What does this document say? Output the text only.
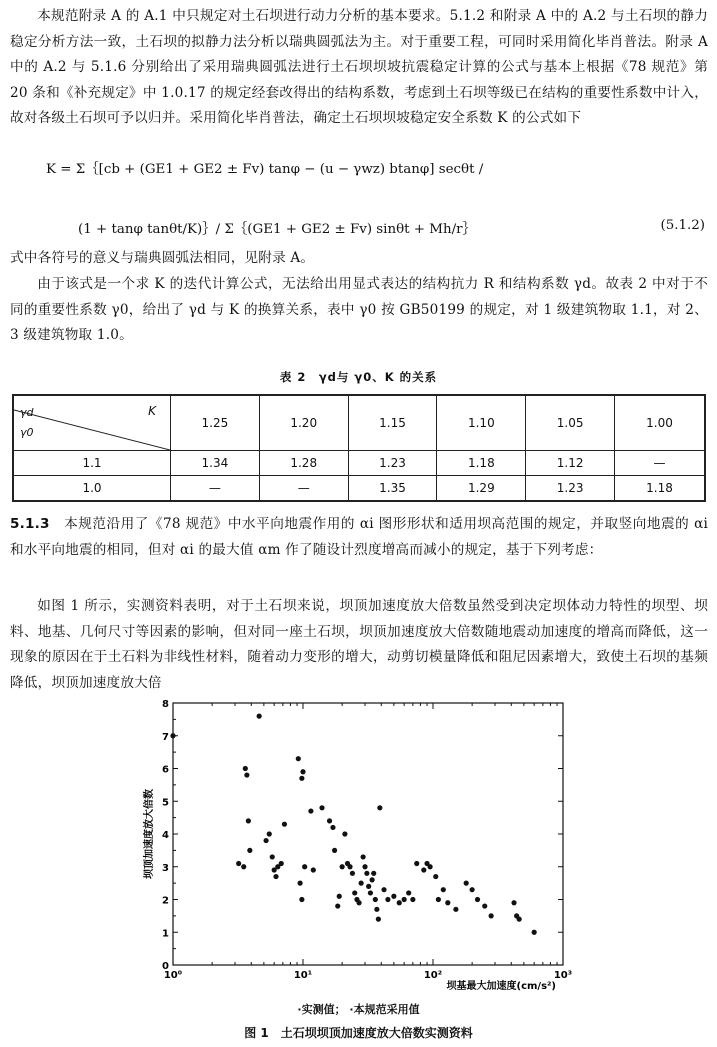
本规范附录 A 的 A.1 中只规定对土石坝进行动力分析的基本要求。5.1.2 和附录 A 中的 A.2 与土石坝的静力稳定分析方法一致，土石坝的拟静力法分析以瑞典圆弧法为主。对于重要工程，可同时采用简化毕肖普法。附录 A 中的 A.2 与 5.1.6 分别给出了采用瑞典圆弧法进行土石坝坝坡抗震稳定计算的公式与基本上根据《78 规范》第 20 条和《补充规定》中 1.0.17 的规定经套改得出的结构系数，考虑到土石坝等级已在结构的重要性系数中计入，故对各级土石坝可予以归并。采用简化毕肖普法，确定土石坝坝坡稳定安全系数 K 的公式如下

K = Σ｛[cb + (GE1 + GE2 ± Fv) tanφ − (u − γwz) btanφ] secθt /
(1 + tanφ tanθt/K)｝/ Σ｛(GE1 + GE2 ± Fv) sinθt + Mh/r｝	(5.1.2)

式中各符号的意义与瑞典圆弧法相同，见附录 A。

由于该式是一个求 K 的迭代计算公式，无法给出用显式表达的结构抗力 R 和结构系数 γd。故表 2 中对于不同的重要性系数 γ0，给出了 γd 与 K 的换算关系，表中 γ0 按 GB50199 的规定，对 1 级建筑物取 1.1，对 2、3 级建筑物取 1.0。

表 2　γd与 γ0、K 的关系
K
γd
γ0	1.25	1.20	1.15	1.10	1.05	1.00
1.1	1.34	1.28	1.23	1.18	1.12	—
1.0	—	—	1.35	1.29	1.23	1.18

5.1.3　 本规范沿用了《78 规范》中水平向地震作用的 αi 图形形状和适用坝高范围的规定，并取竖向地震的 αi 和水平向地震的相同，但对 αi 的最大值 αm 作了随设计烈度增高而减小的规定，基于下列考虑：

如图 1 所示，实测资料表明，对于土石坝来说，坝顶加速度放大倍数虽然受到决定坝体动力特性的坝型、坝料、地基、几何尺寸等因素的影响，但对同一座土石坝，坝顶加速度放大倍数随地震动加速度的增高而降低，这一现象的原因在于土石料为非线性材料，随着动力变形的增大，动剪切模量降低和阻尼因素增大，致使土石坝的基频降低，坝顶加速度放大倍

0
1
2
3
4
5
6
7
8
10⁰	10¹	10²	10³
坝顶加速度放大倍数
坝基最大加速度(cm/s²)
·实测值； ·本规范采用值
图 1　土石坝坝顶加速度放大倍数实测资料
